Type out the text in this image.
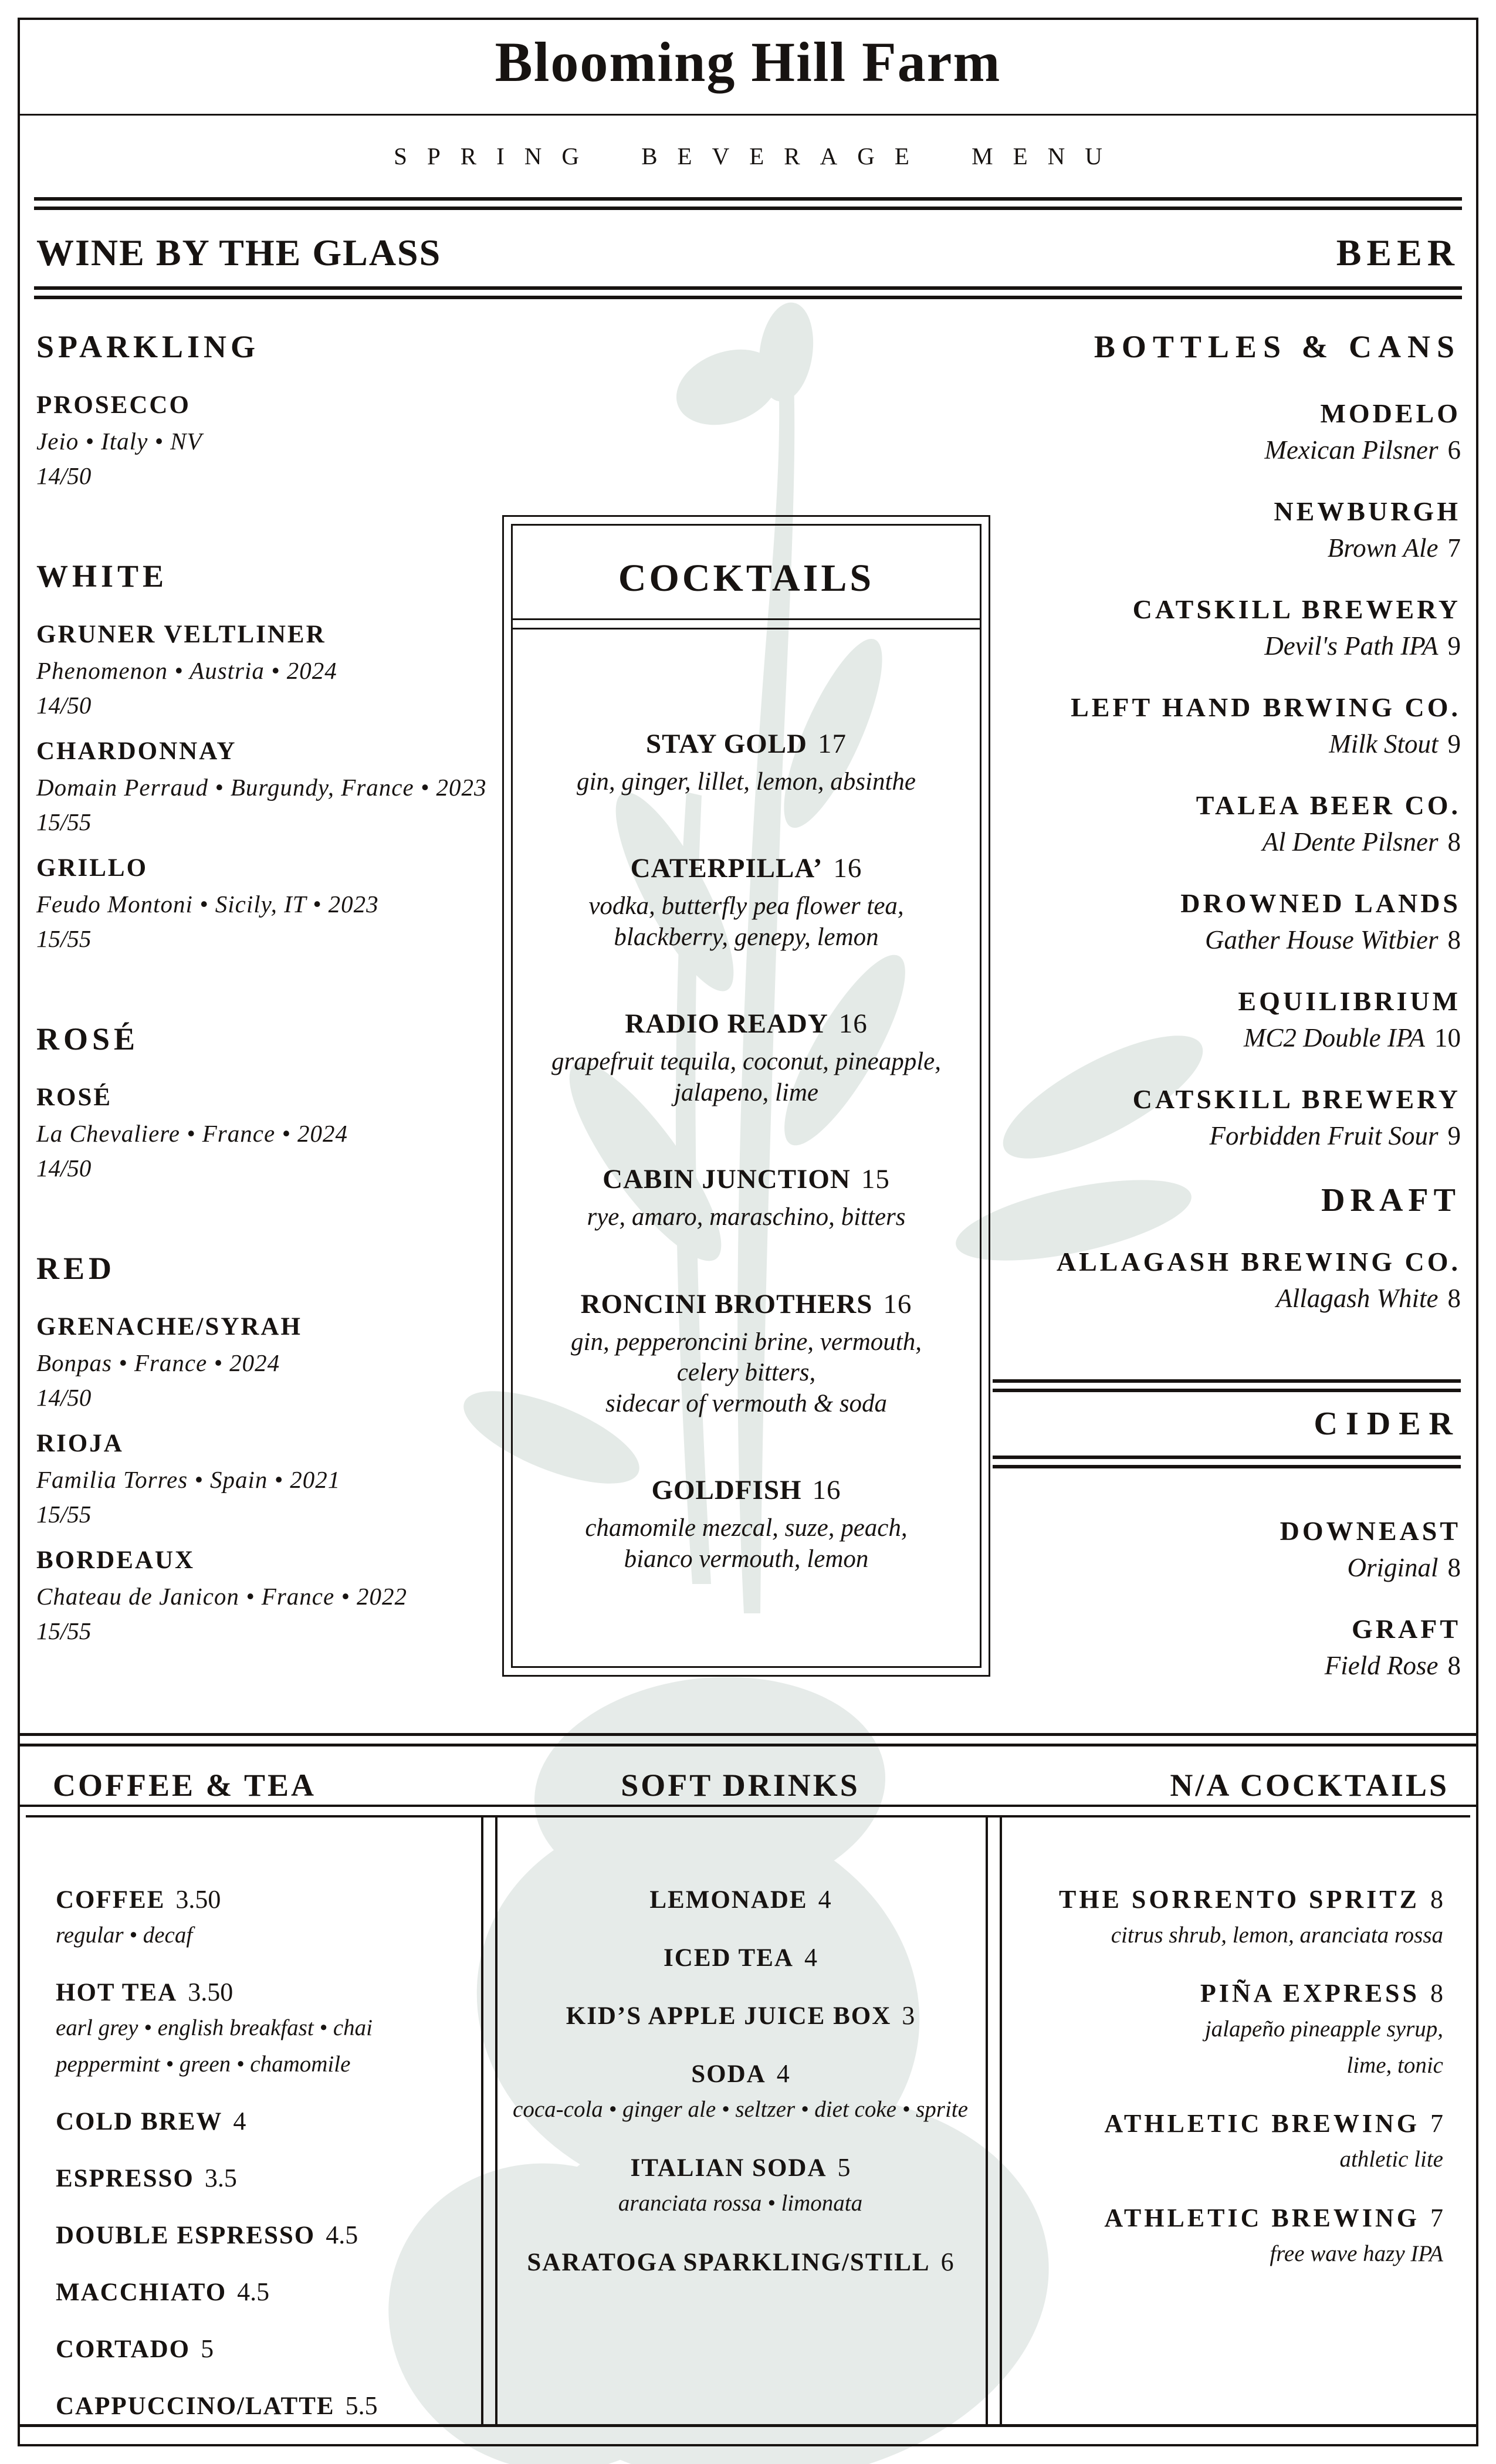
Blooming Hill Farm
SPRING BEVERAGE MENU
WINE BY THE GLASS	BEER
SPARKLING
PROSECCO
Jeio • Italy • NV
14/50
WHITE
GRUNER VELTLINER
Phenomenon • Austria • 2024
14/50
CHARDONNAY
Domain Perraud • Burgundy, France • 2023
15/55
GRILLO
Feudo Montoni • Sicily, IT • 2023
15/55
ROSÉ
ROSÉ
La Chevaliere • France • 2024
14/50
RED
GRENACHE/SYRAH
Bonpas • France • 2024
14/50
RIOJA
Familia Torres • Spain • 2021
15/55
BORDEAUX
Chateau de Janicon • France • 2022
15/55
COCKTAILS
STAY GOLD 17
gin, ginger, lillet, lemon, absinthe
CATERPILLA’ 16
vodka, butterfly pea flower tea,
blackberry, genepy, lemon
RADIO READY 16
grapefruit tequila, coconut, pineapple,
jalapeno, lime
CABIN JUNCTION 15
rye, amaro, maraschino, bitters
RONCINI BROTHERS 16
gin, pepperoncini brine, vermouth,
celery bitters,
sidecar of vermouth & soda
GOLDFISH 16
chamomile mezcal, suze, peach,
bianco vermouth, lemon
BOTTLES & CANS
MODELO
Mexican Pilsner 6
NEWBURGH
Brown Ale 7
CATSKILL BREWERY
Devil's Path IPA 9
LEFT HAND BRWING CO.
Milk Stout 9
TALEA BEER CO.
Al Dente Pilsner 8
DROWNED LANDS
Gather House Witbier 8
EQUILIBRIUM
MC2 Double IPA 10
CATSKILL BREWERY
Forbidden Fruit Sour 9
DRAFT
ALLAGASH BREWING CO.
Allagash White 8
CIDER
DOWNEAST
Original 8
GRAFT
Field Rose 8
COFFEE & TEA	SOFT DRINKS	N/A COCKTAILS
COFFEE 3.50
regular • decaf
HOT TEA 3.50
earl grey • english breakfast • chai
peppermint • green • chamomile
COLD BREW 4
ESPRESSO 3.5
DOUBLE ESPRESSO 4.5
MACCHIATO 4.5
CORTADO 5
CAPPUCCINO/LATTE 5.5
LEMONADE 4
ICED TEA 4
KID’S APPLE JUICE BOX 3
SODA 4
coca-cola • ginger ale • seltzer • diet coke • sprite
ITALIAN SODA 5
aranciata rossa • limonata
SARATOGA SPARKLING/STILL 6
THE SORRENTO SPRITZ 8
citrus shrub, lemon, aranciata rossa
PIÑA EXPRESS 8
jalapeño pineapple syrup,
lime, tonic
ATHLETIC BREWING 7
athletic lite
ATHLETIC BREWING 7
free wave hazy IPA
